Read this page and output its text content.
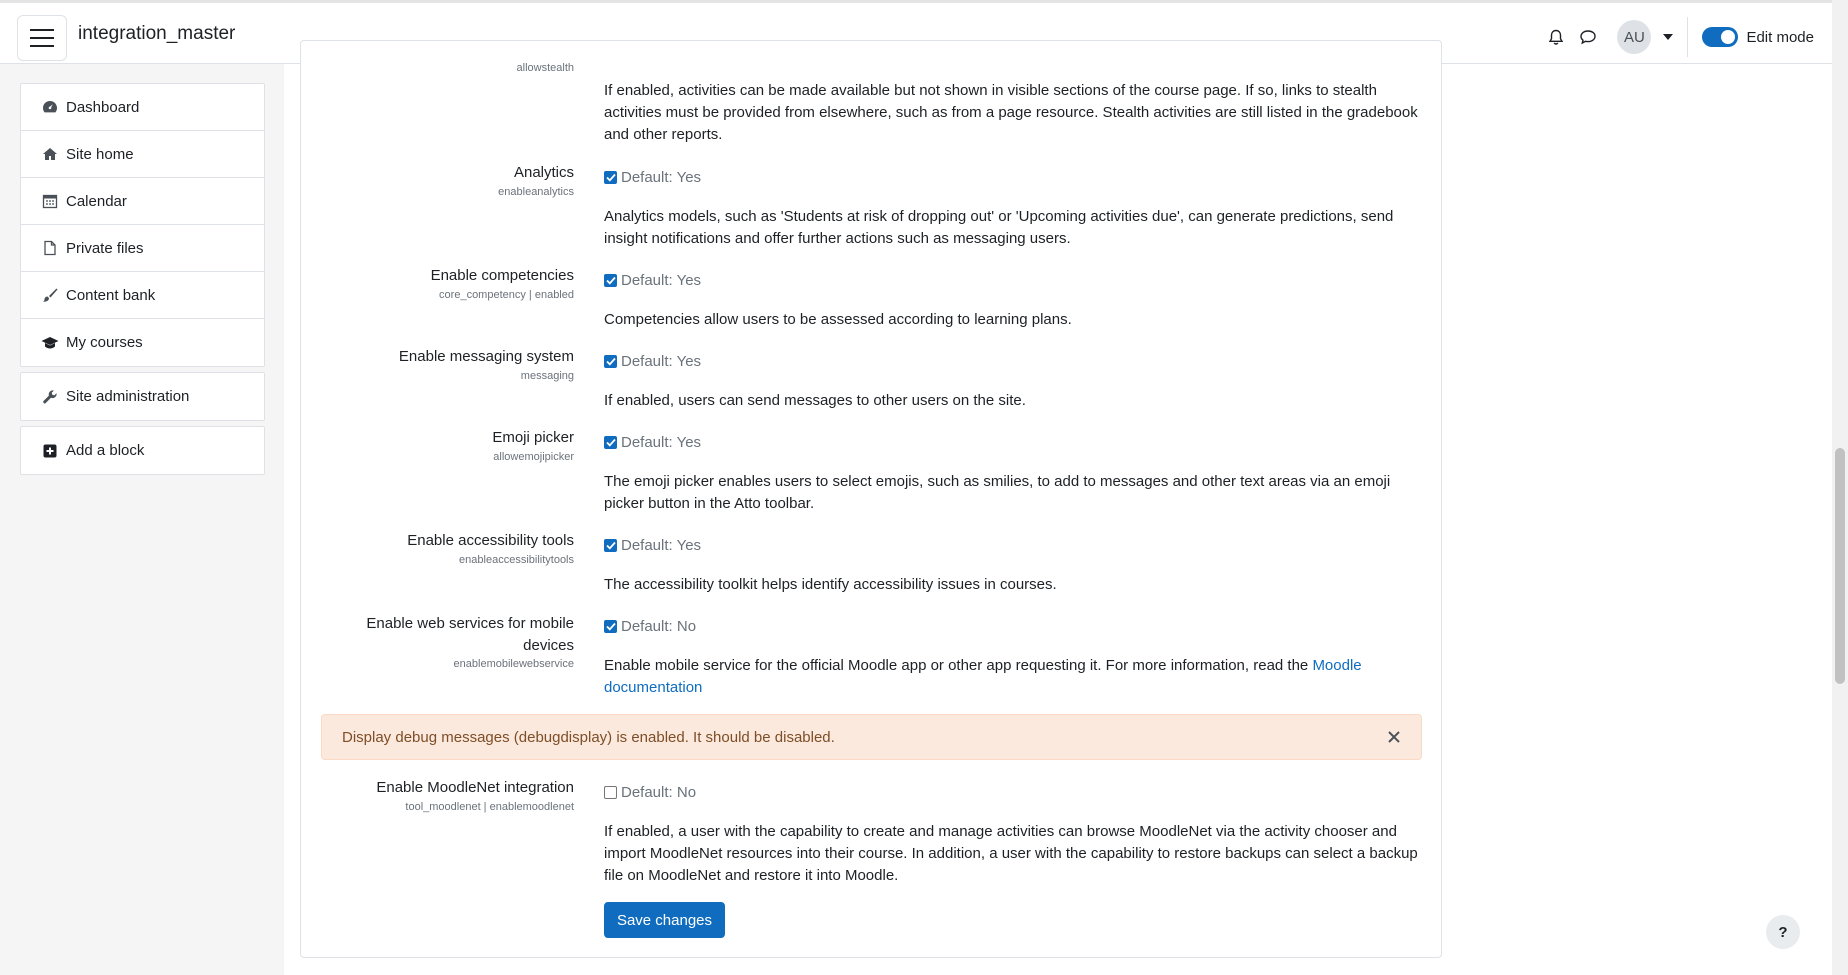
integration_master	AU	Edit mode
Dashboard
Site home
Calendar
Private files
Content bank
My courses
Site administration
Add a block
allowstealth
If enabled, activities can be made available but not shown in visible sections of the course page. If so, links to stealth activities must be provided from elsewhere, such as from a page resource. Stealth activities are still listed in the gradebook and other reports.
Analytics
enableanalytics
Default: Yes
Analytics models, such as 'Students at risk of dropping out' or 'Upcoming activities due', can generate predictions, send insight notifications and offer further actions such as messaging users.
Enable competencies
core_competency | enabled
Default: Yes
Competencies allow users to be assessed according to learning plans.
Enable messaging system
messaging
Default: Yes
If enabled, users can send messages to other users on the site.
Emoji picker
allowemojipicker
Default: Yes
The emoji picker enables users to select emojis, such as smilies, to add to messages and other text areas via an emoji picker button in the Atto toolbar.
Enable accessibility tools
enableaccessibilitytools
Default: Yes
The accessibility toolkit helps identify accessibility issues in courses.
Enable web services for mobile
devices
enablemobilewebservice
Default: No
Enable mobile service for the official Moodle app or other app requesting it. For more information, read the Moodle
documentation
Display debug messages (debugdisplay) is enabled. It should be disabled.
Enable MoodleNet integration
tool_moodlenet | enablemoodlenet
Default: No
If enabled, a user with the capability to create and manage activities can browse MoodleNet via the activity chooser and import MoodleNet resources into their course. In addition, a user with the capability to restore backups can select a backup file on MoodleNet and restore it into Moodle.
Save changes
?
